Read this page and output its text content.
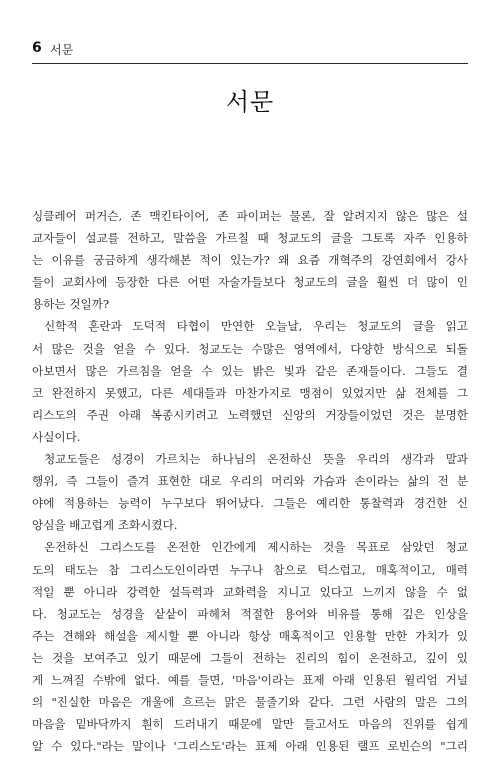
6 서문
서문

싱클레어 퍼거슨, 존 맥킨타이어, 존 파이퍼는 물론, 잘 알려지지 않은 많은 설
교자들이 설교를 전하고, 말씀을 가르칠 때 청교도의 글을 그토록 자주 인용하
는 이유를 궁금하게 생각해본 적이 있는가? 왜 요즘 개혁주의 강연회에서 강사
들이 교회사에 등장한 다른 어떤 자술가들보다 청교도의 글을 훨씬 더 많이 인
용하는 것일까?

신학적 혼란과 도덕적 타협이 만연한 오늘날, 우리는 청교도의 글을 읽고
서 많은 것을 얻을 수 있다. 청교도는 수많은 영역에서, 다양한 방식으로 되돌
아보면서 많은 가르침을 얻을 수 있는 밝은 빛과 같은 존재들이다. 그들도 결
코 완전하지 못했고, 다른 세대들과 마찬가지로 맹점이 있었지만 삶 전체를 그
리스도의 주권 아래 복종시키려고 노력했던 신앙의 거장들이었던 것은 분명한
사실이다.

청교도들은 성경이 가르치는 하나님의 온전하신 뜻을 우리의 생각과 말과
행위, 즉 그들이 즐겨 표현한 대로 우리의 머리와 가슴과 손이라는 삶의 전 분
야에 적용하는 능력이 누구보다 뛰어났다. 그들은 예리한 통찰력과 경건한 신
앙심을 배고럽게 조화시켰다.

온전하신 그리스도를 온전한 인간에게 제시하는 것을 목표로 삼았던 청교
도의 태도는 참 그리스도인이라면 누구나 참으로 턱스럽고, 매혹적이고, 매력
적일 뿐 아니라 강력한 설득력과 교화력을 지니고 있다고 느끼지 않을 수 없
다. 청교도는 성경을 샅샅이 파헤쳐 적절한 용어와 비유를 통해 깊은 인상을
주는 견해와 해설을 제시할 뿐 아니라 항상 매혹적이고 인용할 만한 가치가 있
는 것을 보여주고 있기 때문에 그들이 전하는 진리의 힘이 온전하고, 깊이 있
게 느껴질 수밖에 없다. 예를 들면, '마음'이라는 표제 아래 인용된 윌리엄 거널
의 "진실한 마음은 개울에 흐르는 맑은 물줄기와 같다. 그런 사람의 말은 그의
마음을 밑바닥까지 훤히 드러내기 때문에 말만 들고서도 마음의 진위를 쉽게
알 수 있다."라는 말이나 '그리스도'라는 표제 아래 인용된 랠프 로빈슨의 "그리
